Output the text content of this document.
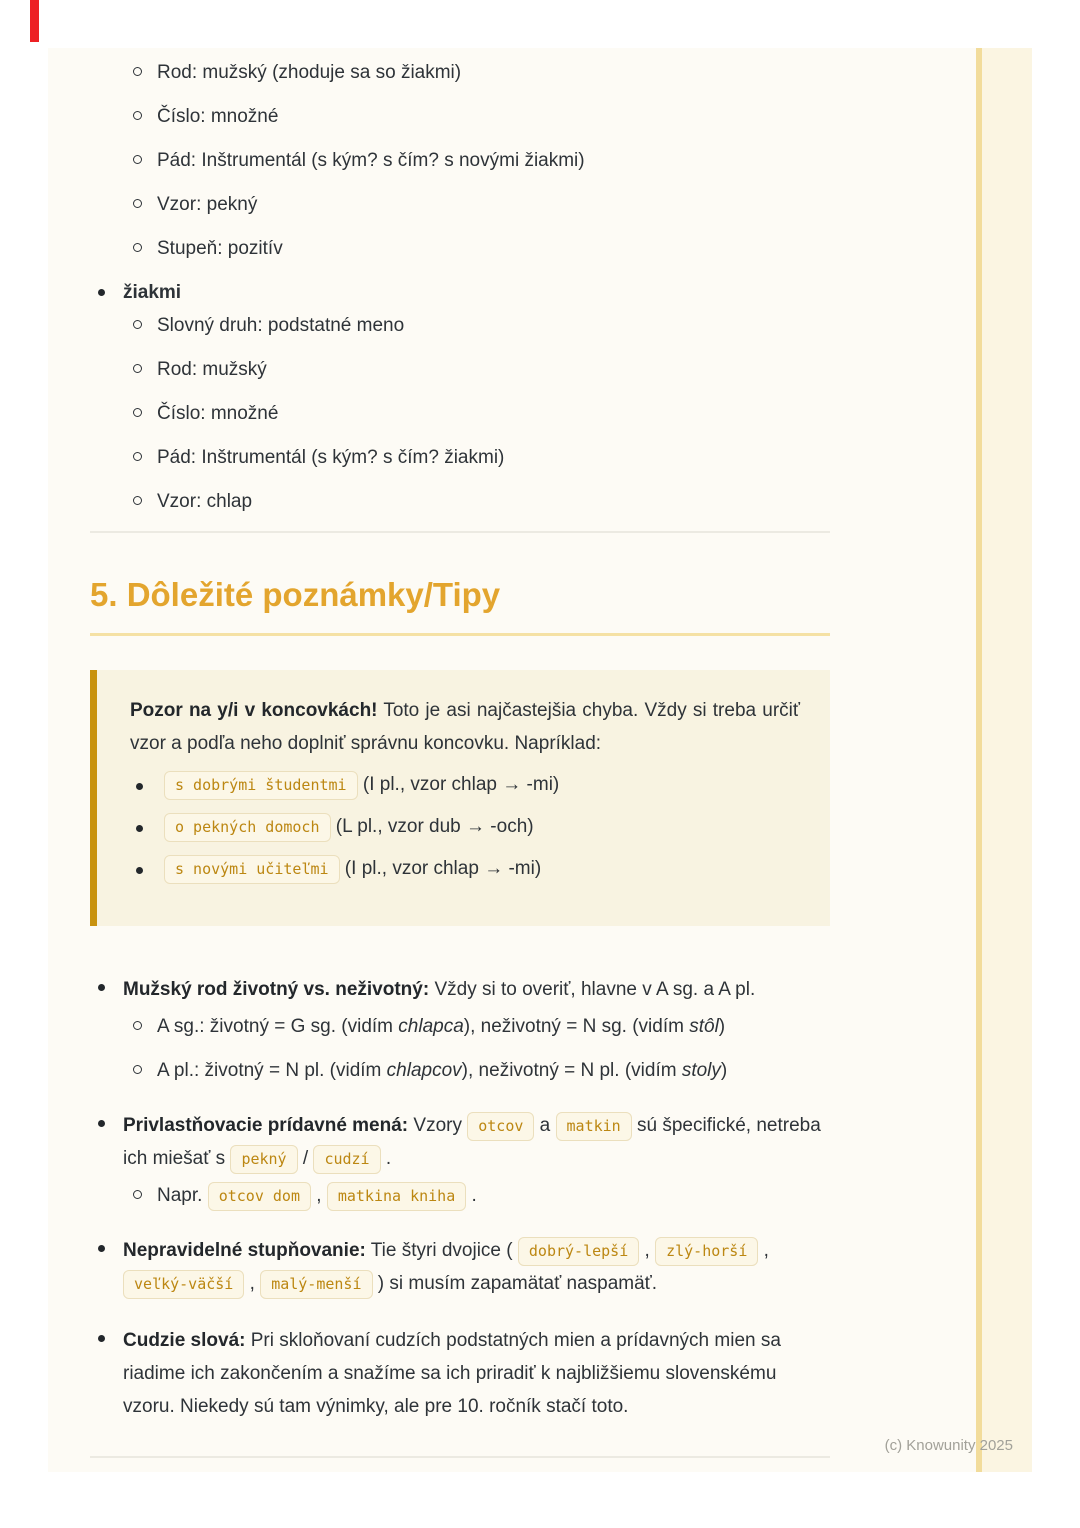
Rod: mužský (zhoduje sa so žiakmi)
Číslo: množné
Pád: Inštrumentál (s kým? s čím? s novými žiakmi)
Vzor: pekný
Stupeň: pozitív
žiakmi
Slovný druh: podstatné meno
Rod: mužský
Číslo: množné
Pád: Inštrumentál (s kým? s čím? žiakmi)
Vzor: chlap
5. Dôležité poznámky/Tipy

Pozor na y/i v koncovkách! Toto je asi najčastejšia chyba. Vždy si treba určiť vzor a podľa neho doplniť správnu koncovku. Napríklad:

s dobrými študentmi (I pl., vzor chlap → -mi)
o pekných domoch (L pl., vzor dub → -och)
s novými učiteľmi (I pl., vzor chlap → -mi)

Mužský rod životný vs. neživotný: Vždy si to overiť, hlavne v A sg. a A pl.

A sg.: životný = G sg. (vidím chlapca), neživotný = N sg. (vidím stôl)
A pl.: životný = N pl. (vidím chlapcov), neživotný = N pl. (vidím stoly)

Privlastňovacie prídavné mená: Vzory otcov a matkin sú špecifické, netreba ich miešať s pekný / cudzí .

Napr. otcov dom , matkina kniha .

Nepravidelné stupňovanie: Tie štyri dvojice ( dobrý-lepší , zlý-horší , veľký-väčší , malý-menší ) si musím zapamätať naspamäť.

Cudzie slová: Pri skloňovaní cudzích podstatných mien a prídavných mien sa riadime ich zakončením a snažíme sa ich priradiť k najbližšiemu slovenskému vzoru. Niekedy sú tam výnimky, ale pre 10. ročník stačí toto.

(c) Knowunity 2025
